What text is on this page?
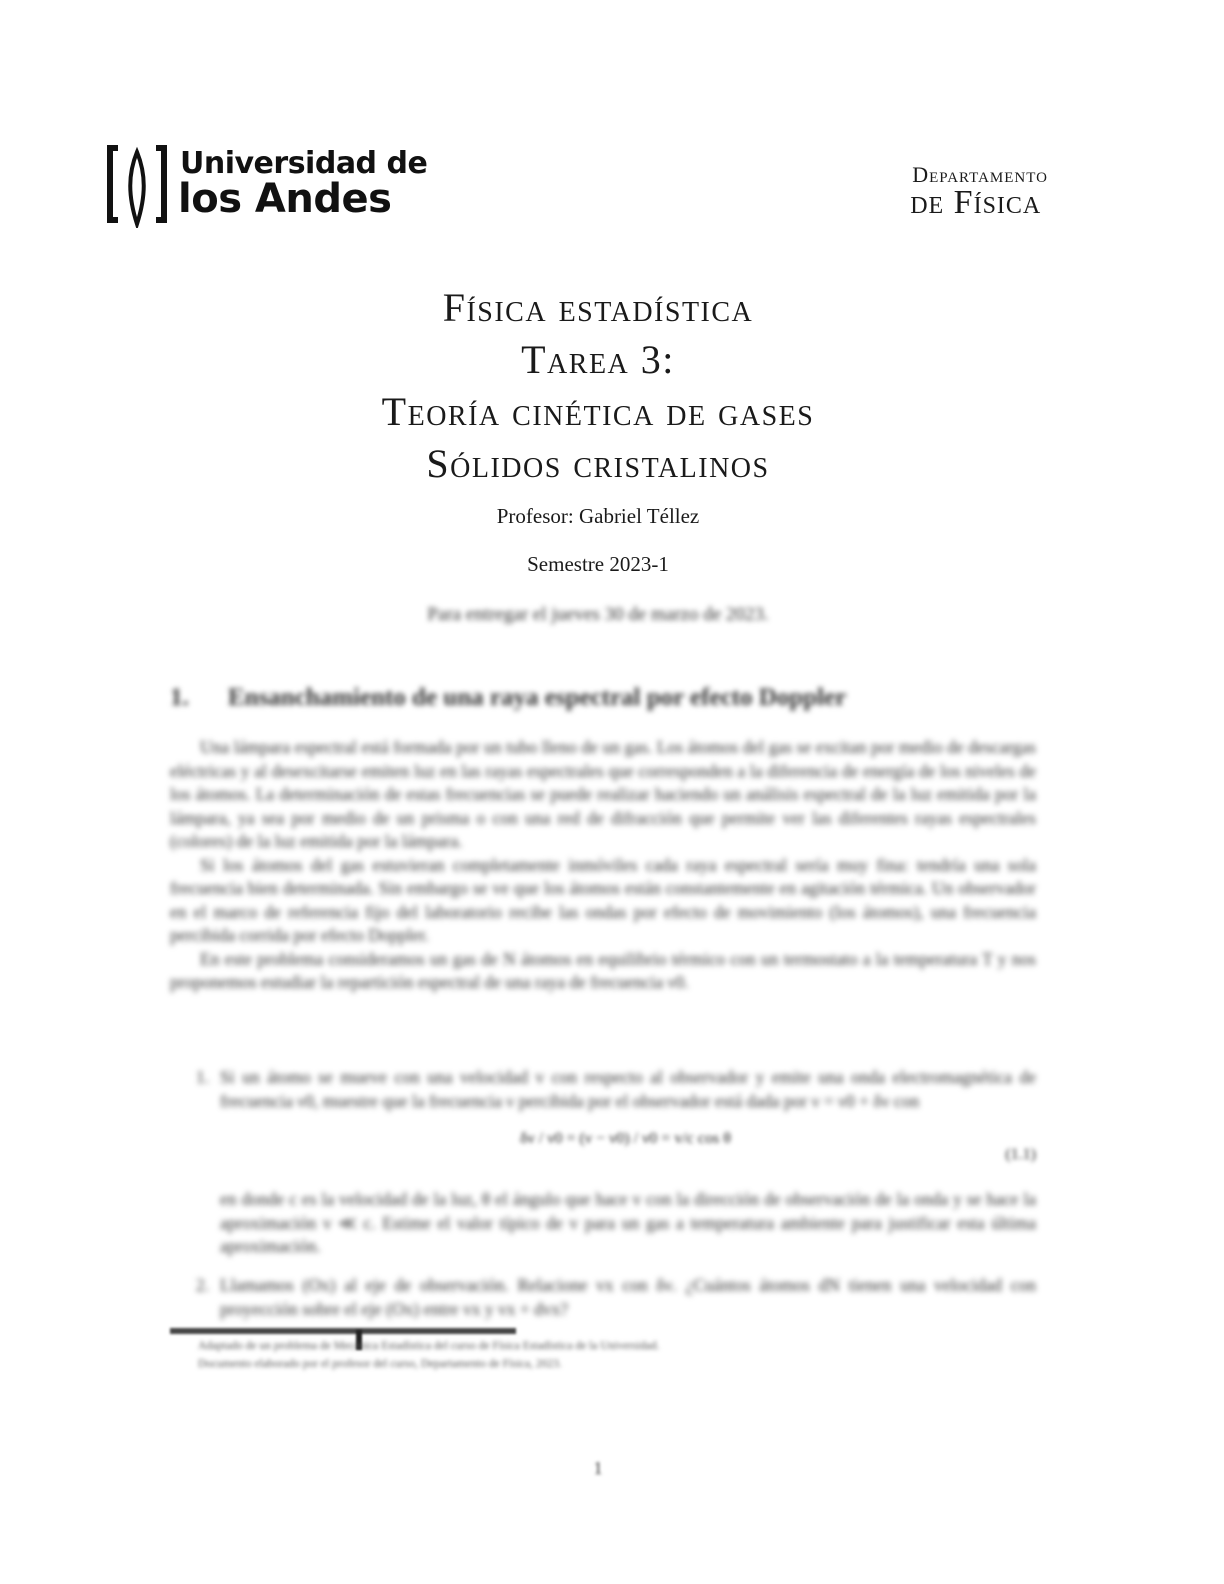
Universidad de
los Andes
Departamento
de Física
Física estadística
Tarea 3:
Teoría cinética de gases
Sólidos cristalinos
Profesor: Gabriel Téllez
Semestre 2023-1
Para entregar el jueves 30 de marzo de 2023.
1. Ensanchamiento de una raya espectral por efecto Doppler

Una lámpara espectral está formada por un tubo lleno de un gas. Los átomos del gas se excitan por medio de descargas eléctricas y al desexcitarse emiten luz en las rayas espectrales que corresponden a la diferencia de energía de los niveles de los átomos. La determinación de estas frecuencias se puede realizar haciendo un análisis espectral de la luz emitida por la lámpara, ya sea por medio de un prisma o con una red de difracción que permite ver las diferentes rayas espectrales (colores) de la luz emitida por la lámpara.

Si los átomos del gas estuvieran completamente inmóviles cada raya espectral sería muy fina: tendría una sola frecuencia bien determinada. Sin embargo se ve que los átomos están constantemente en agitación térmica. Un observador en el marco de referencia fijo del laboratorio recibe las ondas por efecto de movimiento (los átomos), una frecuencia percibida corrida por efecto Doppler.

En este problema consideramos un gas de N átomos en equilibrio térmico con un termostato a la temperatura T y nos proponemos estudiar la repartición espectral de una raya de frecuencia ν0.

1. Si un átomo se mueve con una velocidad v con respecto al observador y emite una onda electromagnética de frecuencia ν0, muestre que la frecuencia ν percibida por el observador está dada por ν = ν0 + δν con
δν / ν0 = (ν − ν0) / ν0 = v/c cos θ
(1.1)
en donde c es la velocidad de la luz, θ el ángulo que hace v con la dirección de observación de la onda y se hace la aproximación v ≪ c. Estime el valor típico de v para un gas a temperatura ambiente para justificar esta última aproximación.
2. Llamamos (Ox) al eje de observación. Relacione vx con δν. ¿Cuántos átomos dN tienen una velocidad con proyección sobre el eje (Ox) entre vx y vx + dvx?
Adaptado de un problema de Mecánica Estadística del curso de Física Estadística de la Universidad.
Documento elaborado por el profesor del curso, Departamento de Física, 2023.
1
